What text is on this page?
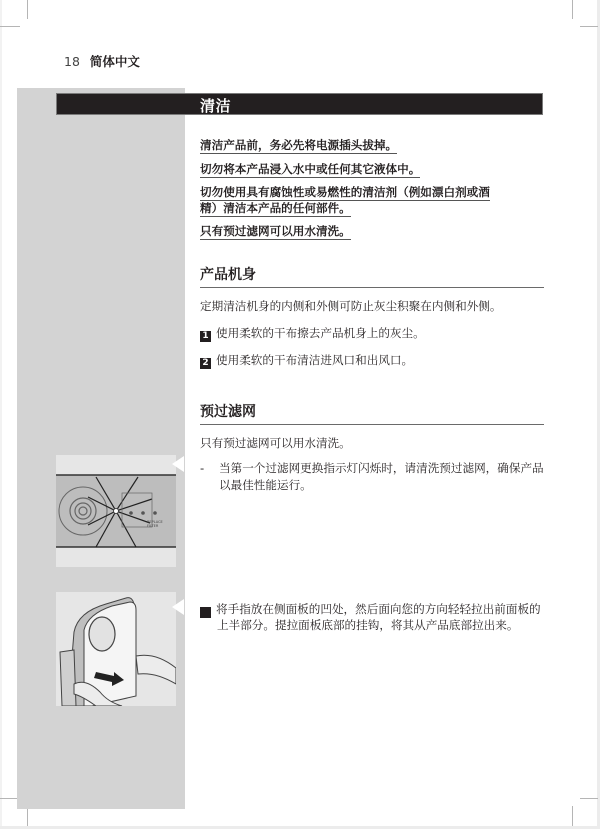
18 简体中文
清洁
清洁产品前，务必先将电源插头拔掉。
切勿将本产品浸入水中或任何其它液体中。
切勿使用具有腐蚀性或易燃性的清洁剂（例如漂白剂或酒
精）清洁本产品的任何部件。
只有预过滤网可以用水清洗。
产品机身
定期清洁机身的内侧和外侧可防止灰尘积聚在内侧和外侧。
1 使用柔软的干布擦去产品机身上的灰尘。
2 使用柔软的干布清洁进风口和出风口。
预过滤网
只有预过滤网可以用水清洗。
-	当第一个过滤网更换指示灯闪烁时，请清洗预过滤网，确保产品以最佳性能运行。
1 将手指放在侧面板的凹处，然后面向您的方向轻轻拉出前面板的上半部分。提拉面板底部的挂钩，将其从产品底部拉出来。
REPLACE
FILTER
